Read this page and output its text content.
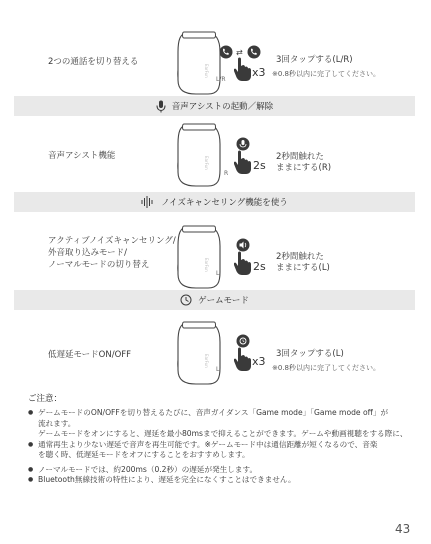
2つの通話を切り替える
L/R
⇄
x3
3回タップする(L/R)
※0.8秒以内に完了してください。
音声アシストの起動／解除
音声アシスト機能
R
2s
2秒間触れた
ままにする(R)
ノイズキャンセリング機能を使う
アクティブノイズキャンセリング/
外音取り込みモード/
ノーマルモードの切り替え
L
2s
2秒間触れた
ままにする(L)
ゲームモード
低遅延モードON/OFF
L
x3
3回タップする(L)
※0.8秒以内に完了してください。
ご注意：
● ゲームモードのON/OFFを切り替えるたびに、音声ガイダンス「Game mode」「Game mode off」が
流れます。
ゲームモードをオンにすると、遅延を最小80msまで抑えることができます。ゲームや動画視聴をする際に、
● 通常再生より少ない遅延で音声を再生可能です。※ゲームモード中は通信距離が短くなるので、音楽
を聴く時、低遅延モードをオフにすることをおすすめします。
● ノーマルモードでは、約200ms（0.2秒）の遅延が発生します。
● Bluetooth無線技術の特性により、遅延を完全になくすことはできません。
43
